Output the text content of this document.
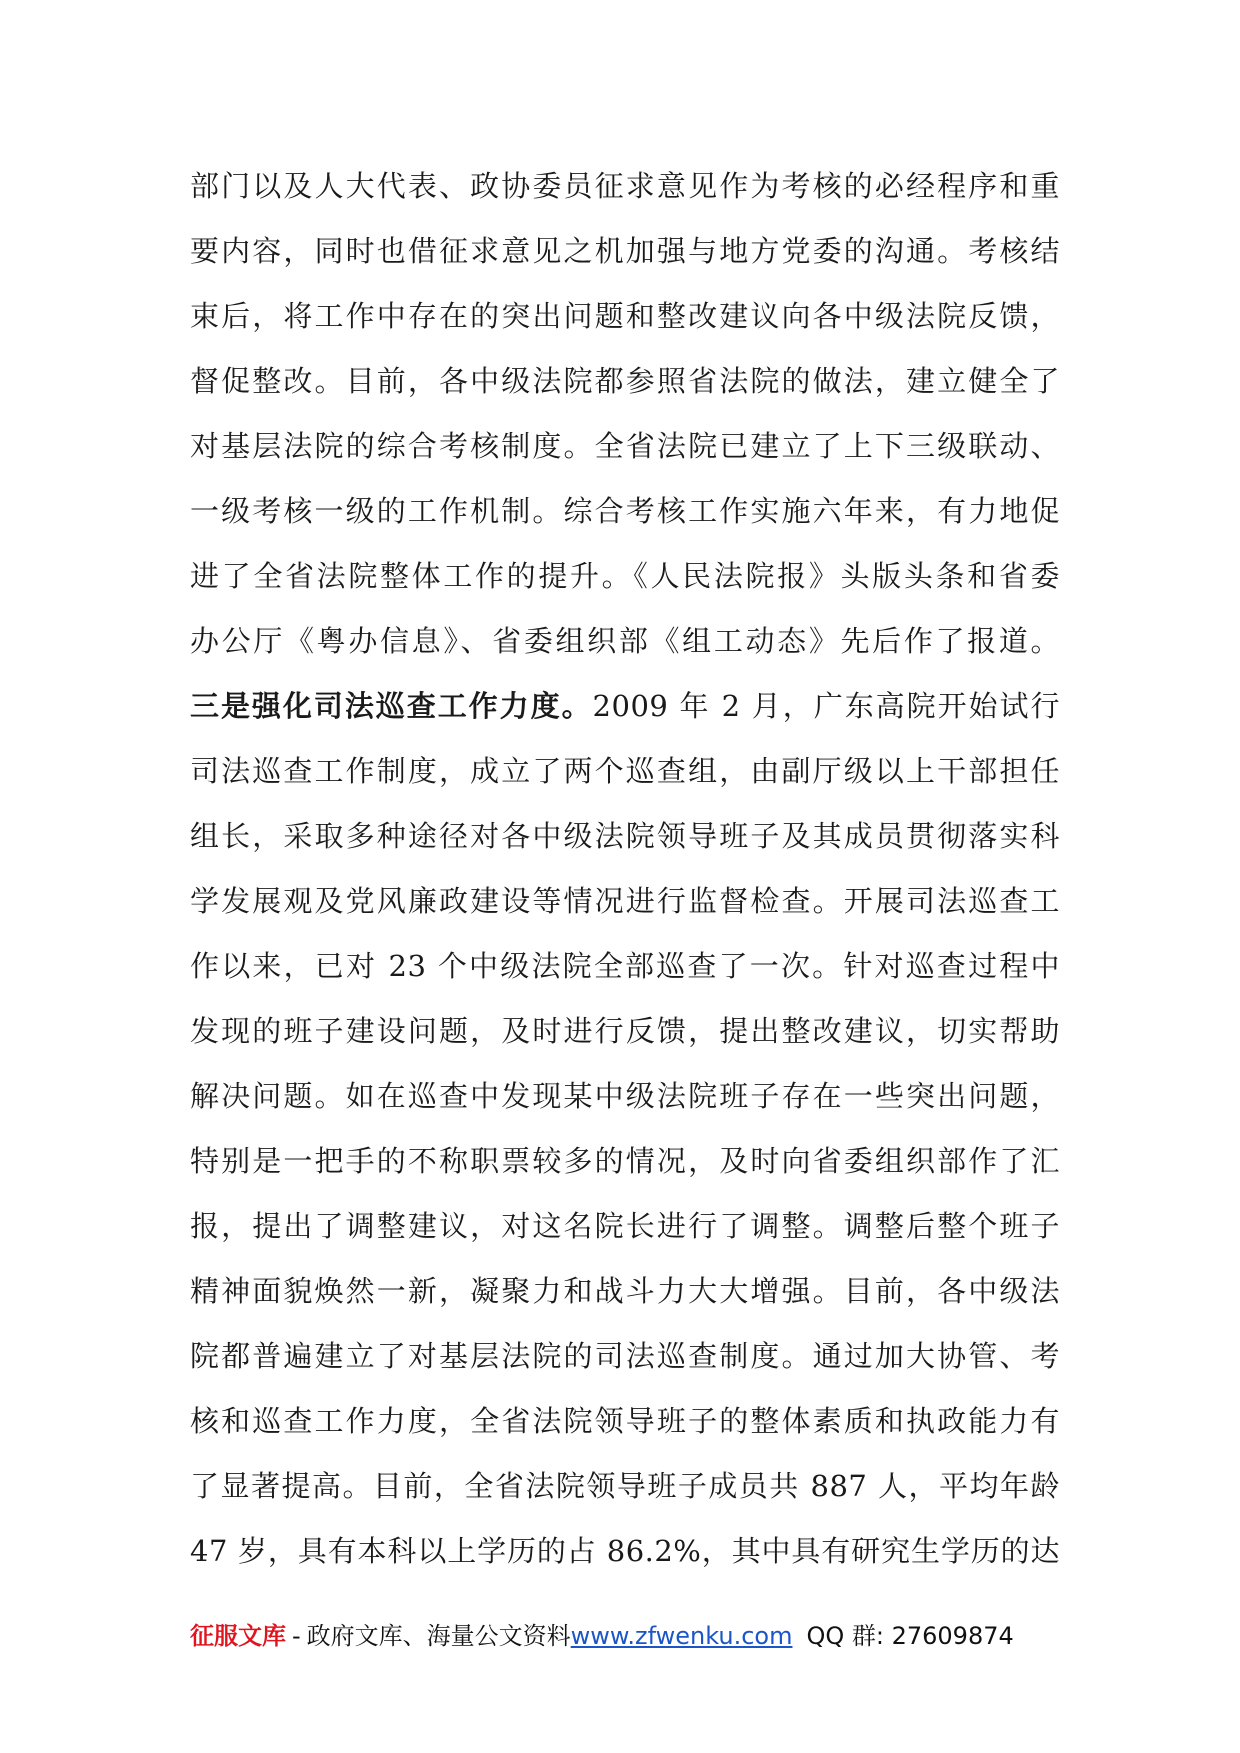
部门以及人大代表、政协委员征求意见作为考核的必经程序和重
要内容，同时也借征求意见之机加强与地方党委的沟通。考核结
束后，将工作中存在的突出问题和整改建议向各中级法院反馈，
督促整改。目前，各中级法院都参照省法院的做法，建立健全了
对基层法院的综合考核制度。全省法院已建立了上下三级联动、
一级考核一级的工作机制。综合考核工作实施六年来，有力地促
进了全省法院整体工作的提升。《人民法院报》头版头条和省委
办公厅《粤办信息》、省委组织部《组工动态》先后作了报道。
三是强化司法巡查工作力度。2009 年 2 月，广东高院开始试行
司法巡查工作制度，成立了两个巡查组，由副厅级以上干部担任
组长，采取多种途径对各中级法院领导班子及其成员贯彻落实科
学发展观及党风廉政建设等情况进行监督检查。开展司法巡查工
作以来，已对 23 个中级法院全部巡查了一次。针对巡查过程中
发现的班子建设问题，及时进行反馈，提出整改建议，切实帮助
解决问题。如在巡查中发现某中级法院班子存在一些突出问题，
特别是一把手的不称职票较多的情况，及时向省委组织部作了汇
报，提出了调整建议，对这名院长进行了调整。调整后整个班子
精神面貌焕然一新，凝聚力和战斗力大大增强。目前，各中级法
院都普遍建立了对基层法院的司法巡查制度。通过加大协管、考
核和巡查工作力度，全省法院领导班子的整体素质和执政能力有
了显著提高。目前，全省法院领导班子成员共 887 人，平均年龄
47 岁，具有本科以上学历的占 86.2%，其中具有研究生学历的达
征服文库 - 政府文库、海量公文资料www.zfwenku.com QQ 群: 27609874
